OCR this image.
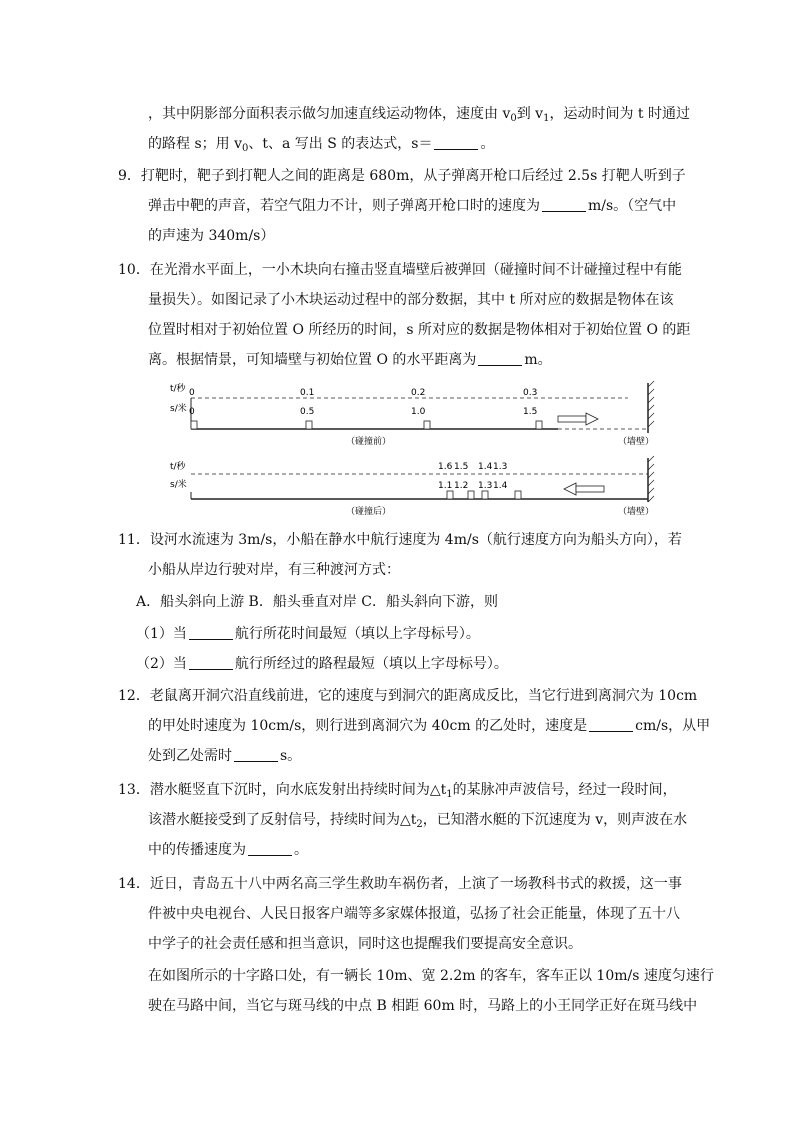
，其中阴影部分面积表示做匀加速直线运动物体，速度由 $v_0$到 $v_1$，运动时间为 t 时通过
的路程 s；用 $v_0$、t、a 写出 S 的表达式，s＝	。
9．打靶时，靶子到打靶人之间的距离是 680m，从子弹离开枪口后经过 2.5s 打靶人听到子
弹击中靶的声音，若空气阻力不计，则子弹离开枪口时的速度为	m/s。（空气中
的声速为 340m/s）
10．在光滑水平面上，一小木块向右撞击竖直墙壁后被弹回（碰撞时间不计碰撞过程中有能
量损失）。如图记录了小木块运动过程中的部分数据，其中 t 所对应的数据是物体在该
位置时相对于初始位置 O 所经历的时间，s 所对应的数据是物体相对于初始位置 O 的距
离。根据情景，可知墙壁与初始位置 O 的水平距离为	m。
t/秒
s/米
0	0.1	0.2	0.3
0	0.5	1.0	1.5
（碰撞前）	（墙壁）
t/秒
s/米
1.6 1.5 1.4 1.3
1.1 1.2 1.3 1.4
（碰撞后）	（墙壁）
11．设河水流速为 3m/s，小船在静水中航行速度为 4m/s（航行速度方向为船头方向），若
小船从岸边行驶对岸，有三种渡河方式：
A．船头斜向上游 B．船头垂直对岸 C．船头斜向下游，则
（1）当	航行所花时间最短（填以上字母标号）。
（2）当	航行所经过的路程最短（填以上字母标号）。
12．老鼠离开洞穴沿直线前进，它的速度与到洞穴的距离成反比，当它行进到离洞穴为 10cm
的甲处时速度为 10cm/s，则行进到离洞穴为 40cm 的乙处时，速度是	cm/s，从甲
处到乙处需时	s。
13．潜水艇竖直下沉时，向水底发射出持续时间为$\triangle t_1$的某脉冲声波信号，经过一段时间，
该潜水艇接受到了反射信号，持续时间为$\triangle t_2$，已知潜水艇的下沉速度为 v，则声波在水
中的传播速度为	。
14．近日，青岛五十八中两名高三学生救助车祸伤者，上演了一场教科书式的救援，这一事
件被中央电视台、人民日报客户端等多家媒体报道，弘扬了社会正能量，体现了五十八
中学子的社会责任感和担当意识，同时这也提醒我们要提高安全意识。
在如图所示的十字路口处，有一辆长 10m、宽 2.2m 的客车，客车正以 10m/s 速度匀速行
驶在马路中间，当它与斑马线的中点 B 相距 60m 时，马路上的小王同学正好在斑马线中
